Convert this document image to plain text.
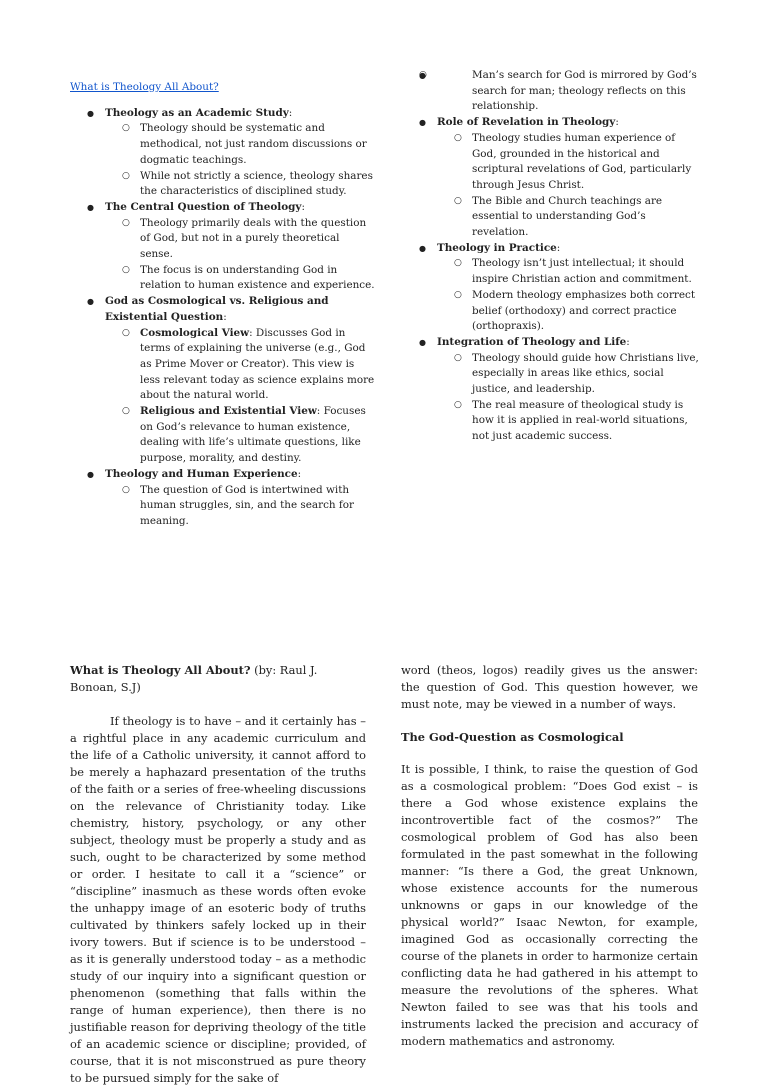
What is Theology All About?
● Theology as an Academic Study:
○ Theology should be systematic and methodical, not just random discussions or dogmatic teachings.
○ While not strictly a science, theology shares the characteristics of disciplined study.
● The Central Question of Theology:
○ Theology primarily deals with the question of God, but not in a purely theoretical sense.
○ The focus is on understanding God in relation to human existence and experience.
● God as Cosmological vs. Religious and Existential Question:
○ Cosmological View: Discusses God in terms of explaining the universe (e.g., God as Prime Mover or Creator). This view is less relevant today as science explains more about the natural world.
○ Religious and Existential View: Focuses on God’s relevance to human existence, dealing with life’s ultimate questions, like purpose, morality, and destiny.
● Theology and Human Experience:
○ The question of God is intertwined with human struggles, sin, and the search for meaning.
○ ● Man’s search for God is mirrored by God’s search for man; theology reflects on this relationship.
● Role of Revelation in Theology:
○ Theology studies human experience of God, grounded in the historical and scriptural revelations of God, particularly through Jesus Christ.
○ The Bible and Church teachings are essential to understanding God’s revelation.
● Theology in Practice:
○ Theology isn’t just intellectual; it should inspire Christian action and commitment.
○ Modern theology emphasizes both correct belief (orthodoxy) and correct practice (orthopraxis).
● Integration of Theology and Life:
○ Theology should guide how Christians live, especially in areas like ethics, social justice, and leadership.
○ The real measure of theological study is how it is applied in real-world situations, not just academic success.

What is Theology All About? (by: Raul J. Bonoan, S.J)

If theology is to have – and it certainly has – a rightful place in any academic curriculum and the life of a Catholic university, it cannot afford to be merely a haphazard presentation of the truths of the faith or a series of free-wheeling discussions on the relevance of Christianity today. Like chemistry, history, psychology, or any other subject, theology must be properly a study and as such, ought to be characterized by some method or order. I hesitate to call it a “science” or “discipline” inasmuch as these words often evoke the unhappy image of an esoteric body of truths cultivated by thinkers safely locked up in their ivory towers. But if science is to be understood – as it is generally understood today – as a methodic study of our inquiry into a significant question or phenomenon (something that falls within the range of human experience), then there is no justifiable reason for depriving theology of the title of an academic science or discipline; provided, of course, that it is not misconstrued as pure theory to be pursued simply for the sake of

word (theos, logos) readily gives us the answer: the question of God. This question however, we must note, may be viewed in a number of ways.

The God-Question as Cosmological

It is possible, I think, to raise the question of God as a cosmological problem: “Does God exist – is there a God whose existence explains the incontrovertible fact of the cosmos?” The cosmological problem of God has also been formulated in the past somewhat in the following manner: “Is there a God, the great Unknown, whose existence accounts for the numerous unknowns or gaps in our knowledge of the physical world?” Isaac Newton, for example, imagined God as occasionally correcting the course of the planets in order to harmonize certain conflicting data he had gathered in his attempt to measure the revolutions of the spheres. What Newton failed to see was that his tools and instruments lacked the precision and accuracy of modern mathematics and astronomy.
